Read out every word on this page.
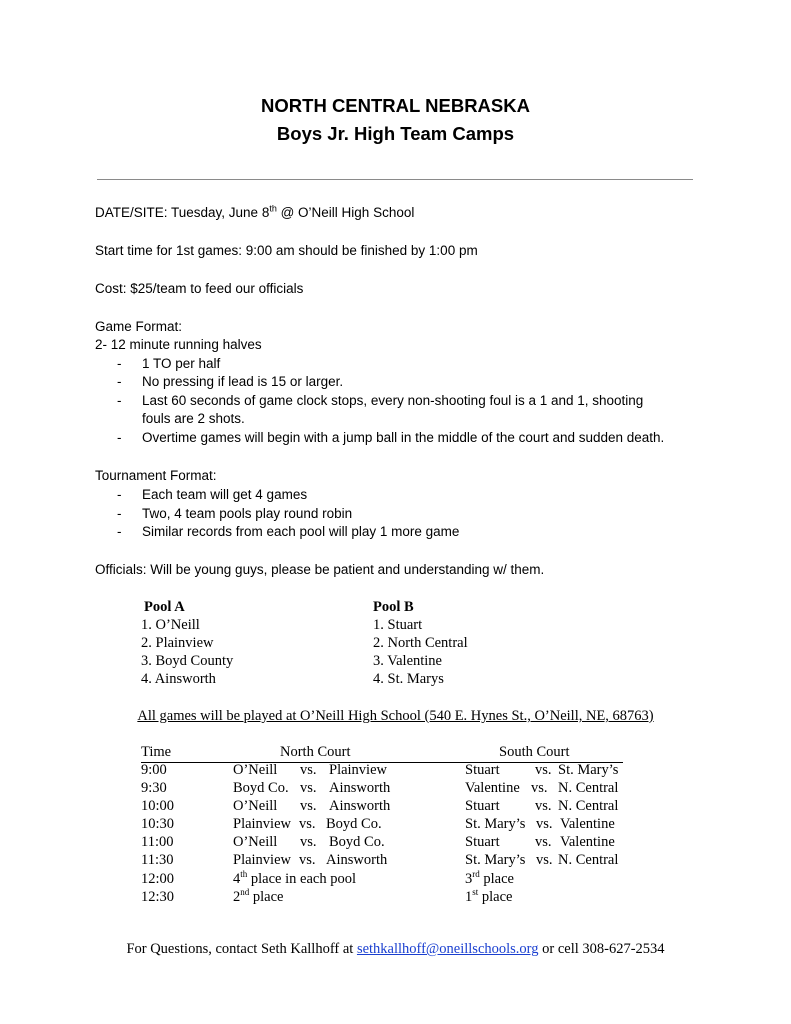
NORTH CENTRAL NEBRASKA
Boys Jr. High Team Camps
DATE/SITE: Tuesday, June 8th @ O’Neill High School
Start time for 1st games: 9:00 am should be finished by 1:00 pm
Cost: $25/team to feed our officials
Game Format:
2- 12 minute running halves
- 1 TO per half
- No pressing if lead is 15 or larger.
- Last 60 seconds of game clock stops, every non-shooting foul is a 1 and 1, shooting
fouls are 2 shots.
- Overtime games will begin with a jump ball in the middle of the court and sudden death.
Tournament Format:
- Each team will get 4 games
- Two, 4 team pools play round robin
- Similar records from each pool will play 1 more game
Officials: Will be young guys, please be patient and understanding w/ them.
Pool A
1. O’Neill
2. Plainview
3. Boyd County
4. Ainsworth
Pool B
1. Stuart
2. North Central
3. Valentine
4. St. Marys
All games will be played at O’Neill High School (540 E. Hynes St., O’Neill, NE, 68763)
Time	North Court	South Court
9:00	O’Neill vs. Plainview	Stuart vs. St. Mary’s
9:30	Boyd Co. vs. Ainsworth	Valentine vs. N. Central
10:00	O’Neill vs. Ainsworth	Stuart vs. N. Central
10:30	Plainview vs. Boyd Co.	St. Mary’s vs. Valentine
11:00	O’Neill vs. Boyd Co.	Stuart vs. Valentine
11:30	Plainview vs. Ainsworth	St. Mary’s vs. N. Central
12:00	4th place in each pool	3rd place
12:30	2nd place	1st place
For Questions, contact Seth Kallhoff at sethkallhoff@oneillschools.org or cell 308-627-2534
